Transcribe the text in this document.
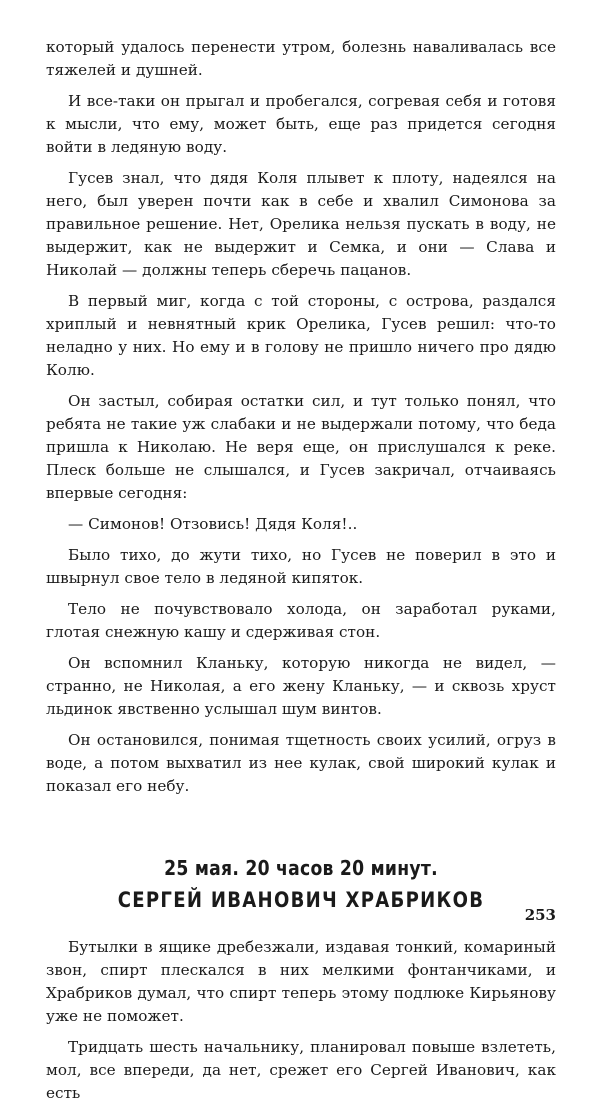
который удалось перенести утром, болезнь наваливалась все тяжелей и душней.

И все-таки он прыгал и пробегался, согревая себя и готовя к мысли, что ему, может быть, еще раз придется сегодня войти в ледяную воду.

Гусев знал, что дядя Коля плывет к плоту, надеялся на него, был уверен почти как в себе и хвалил Симонова за правильное решение. Нет, Орелика нельзя пускать в воду, не выдержит, как не выдержит и Семка, и они — Слава и Николай — должны теперь сберечь пацанов.

В первый миг, когда с той стороны, с острова, раздался хриплый и невнятный крик Орелика, Гусев решил: что-то неладно у них. Но ему и в голову не пришло ничего про дядю Колю.

Он застыл, собирая остатки сил, и тут только понял, что ребята не такие уж слабаки и не выдержали потому, что беда пришла к Николаю. Не веря еще, он прислушался к реке. Плеск больше не слышался, и Гусев закричал, отчаиваясь впервые сегодня:

— Симонов! Отзовись! Дядя Коля!..

Было тихо, до жути тихо, но Гусев не поверил в это и швырнул свое тело в ледяной кипяток.

Тело не почувствовало холода, он заработал руками, глотая снежную кашу и сдерживая стон.

Он вспомнил Кланьку, которую никогда не видел, — странно, не Николая, а его жену Кланьку, — и сквозь хруст льдинок явственно услышал шум винтов.

Он остановился, понимая тщетность своих усилий, огруз в воде, а потом выхватил из нее кулак, свой широкий кулак и показал его небу.

25 мая. 20 часов 20 минут.
СЕРГЕЙ ИВАНОВИЧ ХРАБРИКОВ

Бутылки в ящике дребезжали, издавая тонкий, комариный звон, спирт плескался в них мелкими фонтанчиками, и Храбриков думал, что спирт теперь этому подлюке Кирьянову уже не поможет.

Тридцать шесть начальнику, планировал повыше взлететь, мол, все впереди, да нет, срежет его Сергей Иванович, как есть

253
